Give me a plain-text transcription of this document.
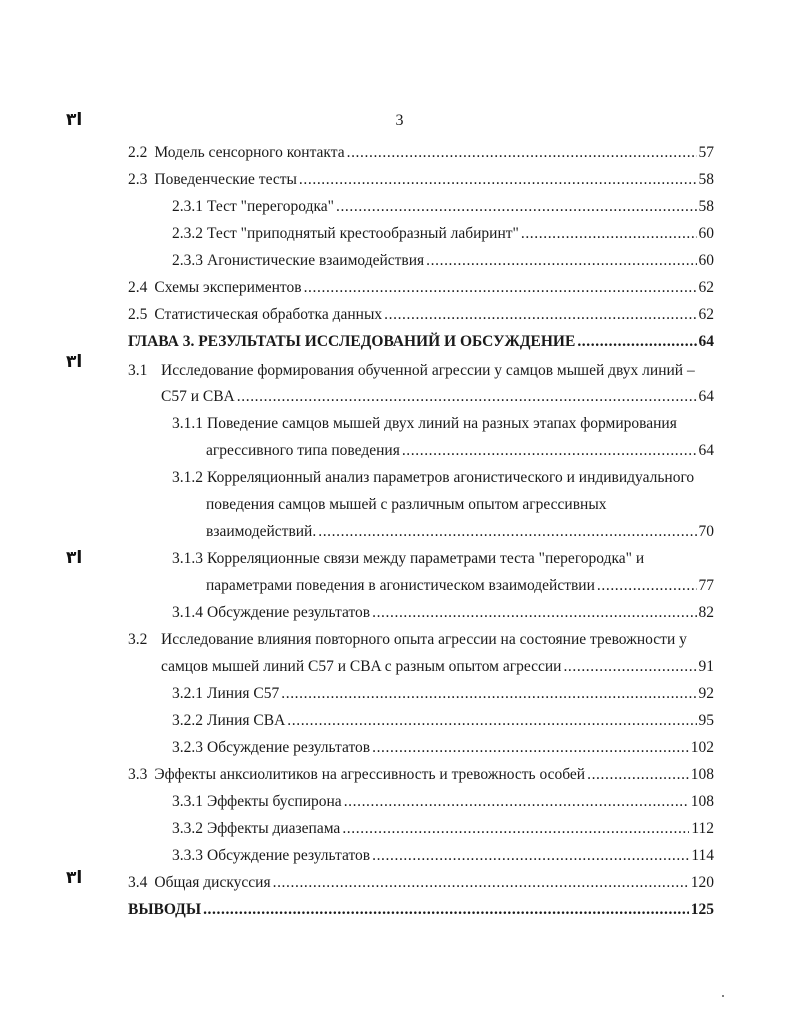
3
ا۳
ا۳
ا۳
ا۳
2.2 Модель сенсорного контакта .....	57
2.3 Поведенческие тесты .....	58
2.3.1 Тест "перегородка" .....	58
2.3.2 Тест "приподнятый крестообразный лабиринт" .....	60
2.3.3 Агонистические взаимодействия .....	60
2.4 Схемы экспериментов .....	62
2.5 Статистическая обработка данных .....	62
ГЛАВА 3. РЕЗУЛЬТАТЫ ИССЛЕДОВАНИЙ И ОБСУЖДЕНИЕ .....	64
3.1 Исследование формирования обученной агрессии у самцов мышей двух линий –
С57 и CBA .....	64
3.1.1 Поведение самцов мышей двух линий на разных этапах формирования
агрессивного типа поведения .....	64
3.1.2 Корреляционный анализ параметров агонистического и индивидуального
поведения самцов мышей с различным опытом агрессивных
взаимодействий. .....	70
3.1.3 Корреляционные связи между параметрами теста "перегородка" и
параметрами поведения в агонистическом взаимодействии .....	77
3.1.4 Обсуждение результатов .....	82
3.2 Исследование влияния повторного опыта агрессии на состояние тревожности у
самцов мышей линий С57 и CBA с разным опытом агрессии .....	91
3.2.1 Линия С57 .....	92
3.2.2 Линия CBA .....	95
3.2.3 Обсуждение результатов .....	102
3.3 Эффекты анксиолитиков на агрессивность и тревожность особей .....	108
3.3.1 Эффекты буспирона .....	108
3.3.2 Эффекты диазепама .....	112
3.3.3 Обсуждение результатов .....	114
3.4 Общая дискуссия .....	120
ВЫВОДЫ .....	125
